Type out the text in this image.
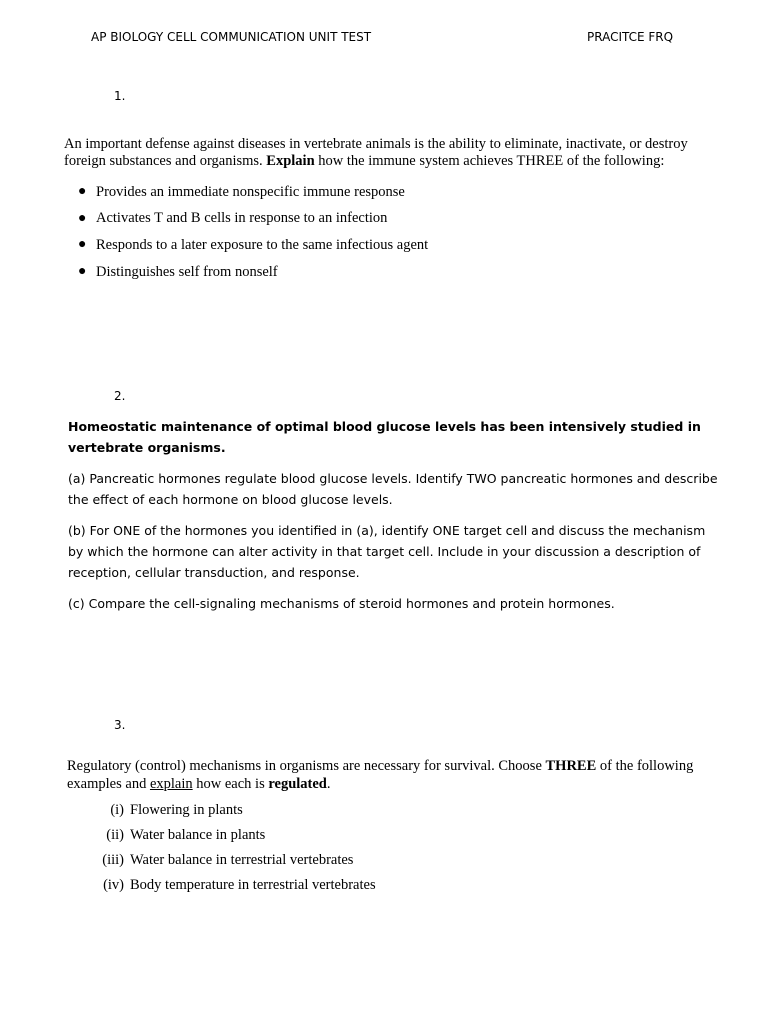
AP BIOLOGY CELL COMMUNICATION UNIT TEST	PRACITCE FRQ
1.
An important defense against diseases in vertebrate animals is the ability to eliminate, inactivate, or destroy foreign substances and organisms. Explain how the immune system achieves THREE of the following:
● Provides an immediate nonspecific immune response
● Activates T and B cells in response to an infection
● Responds to a later exposure to the same infectious agent
● Distinguishes self from nonself
2.

Homeostatic maintenance of optimal blood glucose levels has been intensively studied in vertebrate organisms.

(a) Pancreatic hormones regulate blood glucose levels. Identify TWO pancreatic hormones and describe the effect of each hormone on blood glucose levels.

(b) For ONE of the hormones you identified in (a), identify ONE target cell and discuss the mechanism by which the hormone can alter activity in that target cell. Include in your discussion a description of reception, cellular transduction, and response.

(c) Compare the cell-signaling mechanisms of steroid hormones and protein hormones.

3.
Regulatory (control) mechanisms in organisms are necessary for survival. Choose THREE of the following examples and explain how each is regulated.
(i) Flowering in plants
(ii) Water balance in plants
(iii) Water balance in terrestrial vertebrates
(iv) Body temperature in terrestrial vertebrates
